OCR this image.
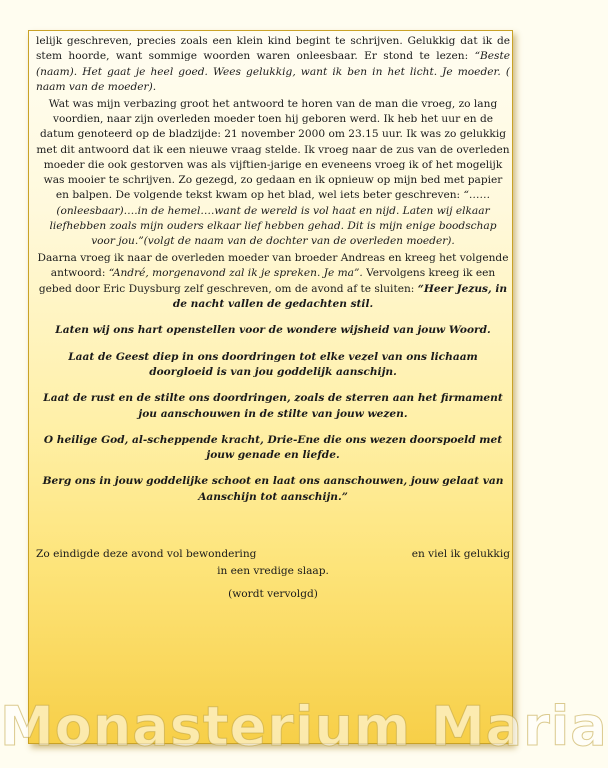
lelijk geschreven, precies zoals een klein kind begint te schrijven. Gelukkig dat ik de stem hoorde, want sommige woorden waren onleesbaar. Er stond te lezen: “Beste (naam). Het gaat je heel goed. Wees gelukkig, want ik ben in het licht. Je moeder. ( naam van de moeder).

Wat was mijn verbazing groot het antwoord te horen van de man die vroeg, zo lang voordien, naar zijn overleden moeder toen hij geboren werd. Ik heb het uur en de datum genoteerd op de bladzijde: 21 november 2000 om 23.15 uur. Ik was zo gelukkig met dit antwoord dat ik een nieuwe vraag stelde. Ik vroeg naar de zus van de overleden moeder die ook gestorven was als vijftien-jarige en eveneens vroeg ik of het mogelijk was mooier te schrijven. Zo gezegd, zo gedaan en ik opnieuw op mijn bed met papier en balpen. De volgende tekst kwam op het blad, wel iets beter geschreven: “……(onleesbaar)….in de hemel….want de wereld is vol haat en nijd. Laten wij elkaar liefhebben zoals mijn ouders elkaar lief hebben gehad. Dit is mijn enige boodschap voor jou.”(volgt de naam van de dochter van de overleden moeder).

Daarna vroeg ik naar de overleden moeder van broeder Andreas en kreeg het volgende antwoord: “André, morgenavond zal ik je spreken. Je ma”. Vervolgens kreeg ik een gebed door Eric Duysburg zelf geschreven, om de avond af te sluiten: “Heer Jezus, in de nacht vallen de gedachten stil.

Laten wij ons hart openstellen voor de wondere wijsheid van jouw Woord.

Laat de Geest diep in ons doordringen tot elke vezel van ons lichaam doorgloeid is van jou goddelijk aanschijn.

Laat de rust en de stilte ons doordringen, zoals de sterren aan het firmament jou aanschouwen in de stilte van jouw wezen.

O heilige God, al-scheppende kracht, Drie-Ene die ons wezen doorspoeld met jouw genade en liefde.

Berg ons in jouw goddelijke schoot en laat ons aanschouwen, jouw gelaat van Aanschijn tot aanschijn.”

Zo eindigde deze avond vol bewondering	en viel ik gelukkig

in een vredige slaap.

(wordt vervolgd)

Monasterium Maria
